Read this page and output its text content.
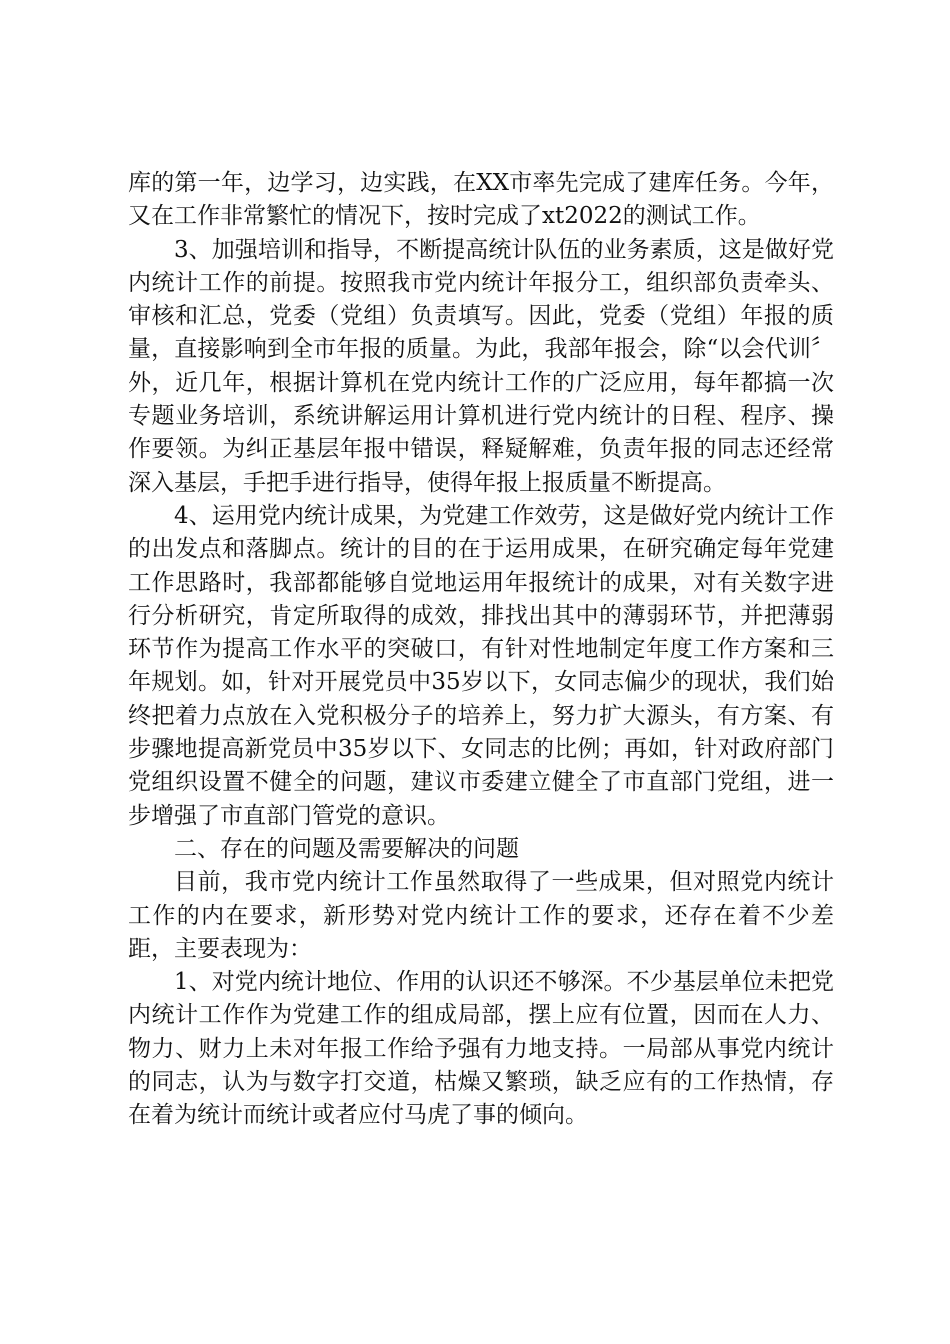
库的第一年，边学习，边实践，在XX市率先完成了建库任务。今年，又在工作非常繁忙的情况下，按时完成了xt2022的测试工作。

3、加强培训和指导，不断提高统计队伍的业务素质，这是做好党内统计工作的前提。按照我市党内统计年报分工，组织部负责牵头、审核和汇总，党委（党组）负责填写。因此，党委（党组）年报的质量，直接影响到全市年报的质量。为此，我部年报会，除“以会代训〞外，近几年，根据计算机在党内统计工作的广泛应用，每年都搞一次专题业务培训，系统讲解运用计算机进行党内统计的日程、程序、操作要领。为纠正基层年报中错误，释疑解难，负责年报的同志还经常深入基层，手把手进行指导，使得年报上报质量不断提高。

4、运用党内统计成果，为党建工作效劳，这是做好党内统计工作的出发点和落脚点。统计的目的在于运用成果，在研究确定每年党建工作思路时，我部都能够自觉地运用年报统计的成果，对有关数字进行分析研究，肯定所取得的成效，排找出其中的薄弱环节，并把薄弱环节作为提高工作水平的突破口，有针对性地制定年度工作方案和三年规划。如，针对开展党员中35岁以下，女同志偏少的现状，我们始终把着力点放在入党积极分子的培养上，努力扩大源头，有方案、有步骤地提高新党员中35岁以下、女同志的比例；再如，针对政府部门党组织设置不健全的问题，建议市委建立健全了市直部门党组，进一步增强了市直部门管党的意识。

二、存在的问题及需要解决的问题

目前，我市党内统计工作虽然取得了一些成果，但对照党内统计工作的内在要求，新形势对党内统计工作的要求，还存在着不少差距，主要表现为：

1、对党内统计地位、作用的认识还不够深。不少基层单位未把党内统计工作作为党建工作的组成局部，摆上应有位置，因而在人力、物力、财力上未对年报工作给予强有力地支持。一局部从事党内统计的同志，认为与数字打交道，枯燥又繁琐，缺乏应有的工作热情，存在着为统计而统计或者应付马虎了事的倾向。
